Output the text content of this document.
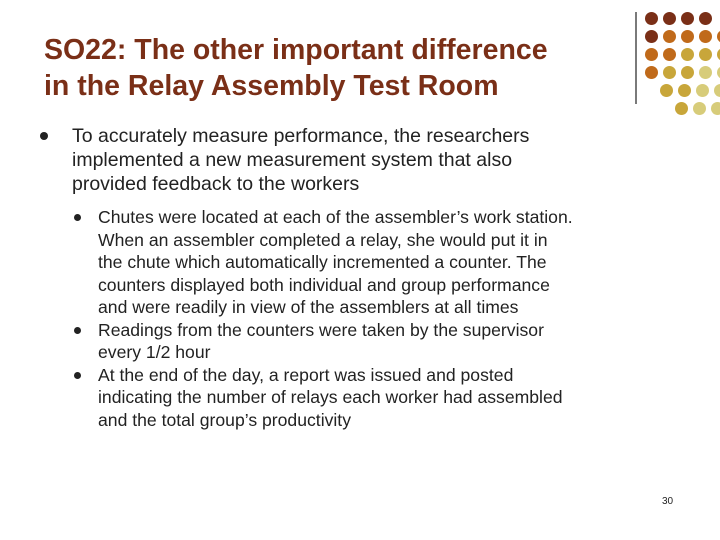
SO22: The other important difference
in the Relay Assembly Test Room
To accurately measure performance, the researchers
implemented a new measurement system that also
provided feedback to the workers
Chutes were located at each of the assembler’s work station.
When an assembler completed a relay, she would put it in
the chute which automatically incremented a counter. The
counters displayed both individual and group performance
and were readily in view of the assemblers at all times
Readings from the counters were taken by the supervisor
every 1/2 hour
At the end of the day, a report was issued and posted
indicating the number of relays each worker had assembled
and the total group’s productivity
30
